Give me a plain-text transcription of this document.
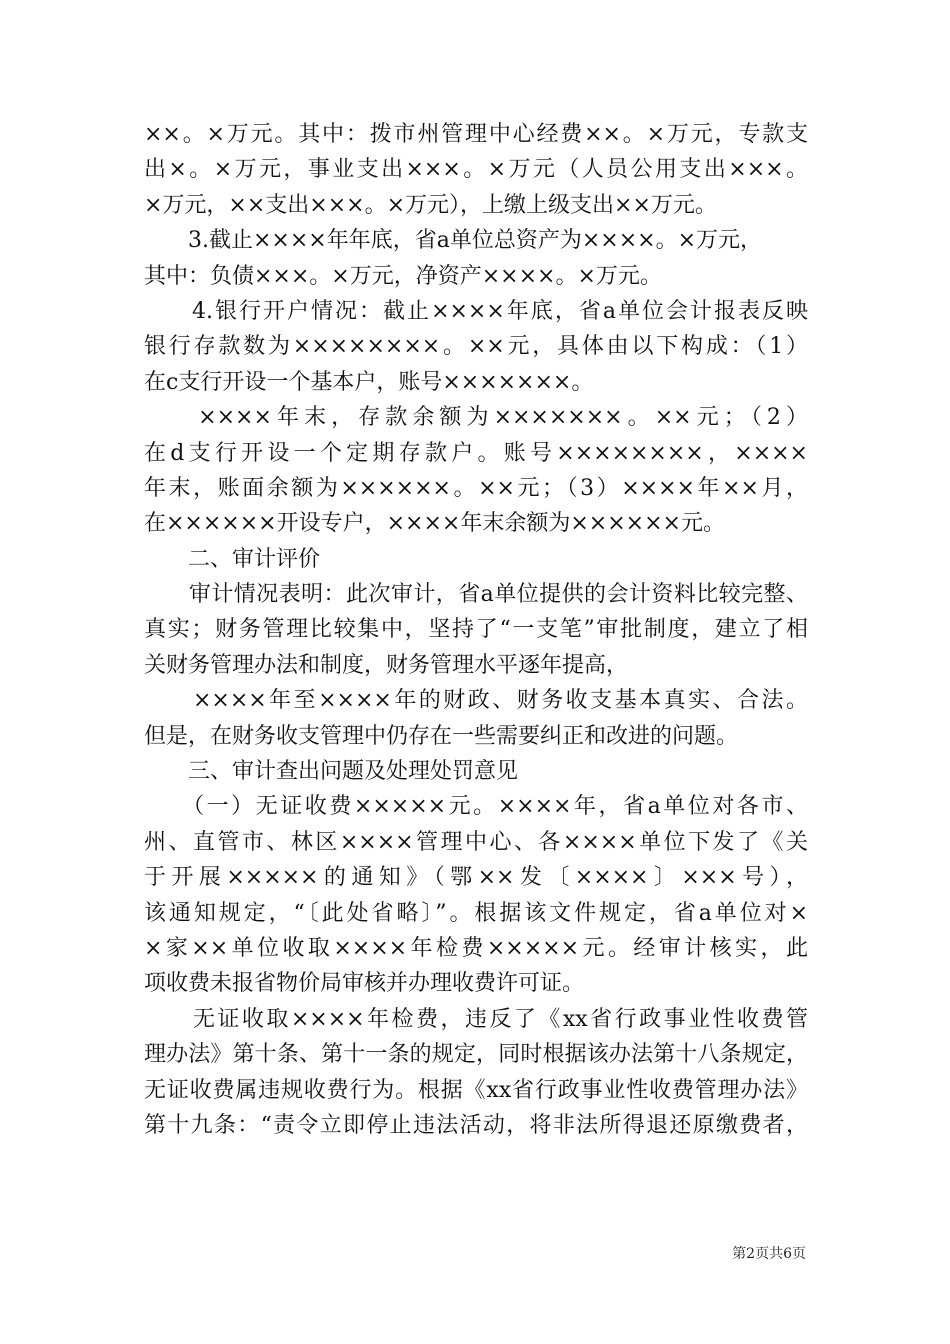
××。×万元。其中：拨市州管理中心经费××。×万元，专款支
出×。×万元，事业支出×××。×万元（人员公用支出×××。
×万元，××支出×××。×万元），上缴上级支出××万元。
　　3.截止××××年年底，省a单位总资产为××××。×万元，
其中：负债×××。×万元，净资产××××。×万元。
　　4.银行开户情况：截止××××年底，省a单位会计报表反映
银行存款数为××××××××。××元，具体由以下构成：（1）
在c支行开设一个基本户，账号×××××××。
　　××××年末，存款余额为×××××××。××元；（2）
在d支行开设一个定期存款户。账号××××××××，××××
年末，账面余额为××××××。××元；（3）××××年××月，
在××××××开设专户，××××年末余额为××××××元。
　　二、审计评价
　　审计情况表明：此次审计，省a单位提供的会计资料比较完整、
真实；财务管理比较集中，坚持了“一支笔”审批制度，建立了相
关财务管理办法和制度，财务管理水平逐年提高，
　　××××年至××××年的财政、财务收支基本真实、合法。
但是，在财务收支管理中仍存在一些需要纠正和改进的问题。
　　三、审计查出问题及处理处罚意见
　　（一）无证收费×××××元。××××年，省a单位对各市、
州、直管市、林区××××管理中心、各××××单位下发了《关
于开展×××××的通知》（鄂××发〔××××〕×××号），
该通知规定，“〔此处省略〕”。根据该文件规定，省a单位对×
×家××单位收取××××年检费×××××元。经审计核实，此
项收费未报省物价局审核并办理收费许可证。
　　无证收取××××年检费，违反了《xx省行政事业性收费管
理办法》第十条、第十一条的规定，同时根据该办法第十八条规定，
无证收费属违规收费行为。根据《xx省行政事业性收费管理办法》
第十九条：“责令立即停止违法活动，将非法所得退还原缴费者，
第2页共6页
